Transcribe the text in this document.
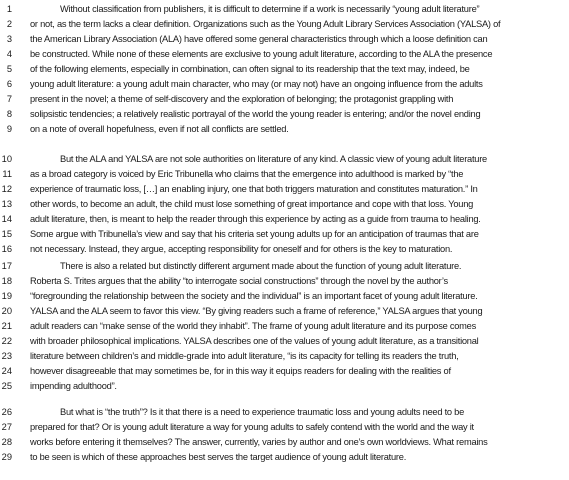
1	Without classification from publishers, it is difficult to determine if a work is necessarily “young adult literature”
2 or not, as the term lacks a clear definition. Organizations such as the Young Adult Library Services Association (YALSA) of
3 the American Library Association (ALA) have offered some general characteristics through which a loose definition can
4 be constructed. While none of these elements are exclusive to young adult literature, according to the ALA the presence
5 of the following elements, especially in combination, can often signal to its readership that the text may, indeed, be
6 young adult literature: a young adult main character, who may (or may not) have an ongoing influence from the adults
7 present in the novel; a theme of self-discovery and the exploration of belonging; the protagonist grappling with
8 solipsistic tendencies; a relatively realistic portrayal of the world the young reader is entering; and/or the novel ending
9 on a note of overall hopefulness, even if not all conflicts are settled.
10	But the ALA and YALSA are not sole authorities on literature of any kind. A classic view of young adult literature
11 as a broad category is voiced by Eric Tribunella who claims that the emergence into adulthood is marked by “the
12 experience of traumatic loss, […] an enabling injury, one that both triggers maturation and constitutes maturation.” In
13 other words, to become an adult, the child must lose something of great importance and cope with that loss. Young
14 adult literature, then, is meant to help the reader through this experience by acting as a guide from trauma to healing.
15 Some argue with Tribunella’s view and say that his criteria set young adults up for an anticipation of traumas that are
16 not necessary. Instead, they argue, accepting responsibility for oneself and for others is the key to maturation.
17	There is also a related but distinctly different argument made about the function of young adult literature.
18 Roberta S. Trites argues that the ability “to interrogate social constructions” through the novel by the author’s
19 “foregrounding the relationship between the society and the individual” is an important facet of young adult literature.
20 YALSA and the ALA seem to favor this view. “By giving readers such a frame of reference,” YALSA argues that young
21 adult readers can “make sense of the world they inhabit”. The frame of young adult literature and its purpose comes
22 with broader philosophical implications. YALSA describes one of the values of young adult literature, as a transitional
23 literature between children’s and middle-grade into adult literature, “is its capacity for telling its readers the truth,
24 however disagreeable that may sometimes be, for in this way it equips readers for dealing with the realities of
25 impending adulthood”.
26	But what is “the truth”? Is it that there is a need to experience traumatic loss and young adults need to be
27 prepared for that? Or is young adult literature a way for young adults to safely contend with the world and the way it
28 works before entering it themselves? The answer, currently, varies by author and one’s own worldviews. What remains
29 to be seen is which of these approaches best serves the target audience of young adult literature.
